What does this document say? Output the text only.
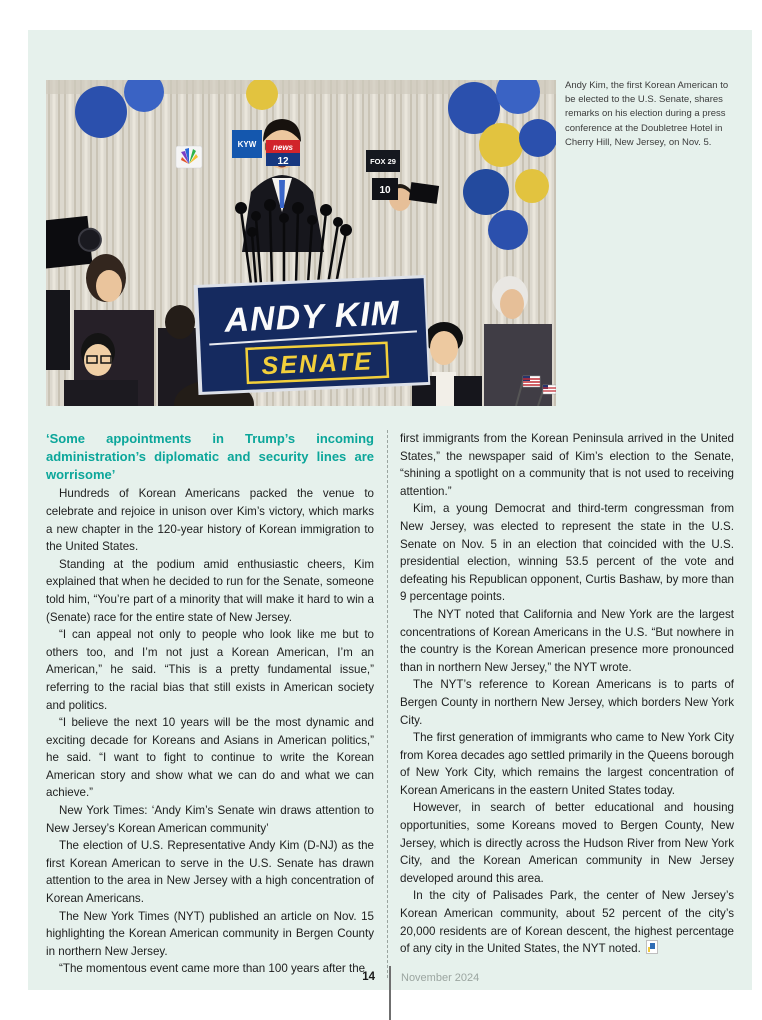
KYW news
12	FOX 29
10
ANDY KIM
SENATE
Andy Kim, the first Korean American to be elected to the U.S. Senate, shares remarks on his election during a press conference at the Doubletree Hotel in Cherry Hill, New Jersey, on Nov. 5.
‘Some appointments in Trump’s incoming administration’s diplomatic and security lines are worrisome’

Hundreds of Korean Americans packed the venue to celebrate and rejoice in unison over Kim’s victory, which marks a new chapter in the 120-year history of Korean immigration to the United States.

Standing at the podium amid enthusiastic cheers, Kim explained that when he decided to run for the Senate, someone told him, “You’re part of a minority that will make it hard to win a (Senate) race for the entire state of New Jersey.

“I can appeal not only to people who look like me but to others too, and I’m not just a Korean American, I’m an American,” he said. “This is a pretty fundamental issue,” referring to the racial bias that still exists in American society and politics.

“I believe the next 10 years will be the most dynamic and exciting decade for Koreans and Asians in American politics,” he said. “I want to fight to continue to write the Korean American story and show what we can do and what we can achieve.”

New York Times: ‘Andy Kim’s Senate win draws attention to New Jersey’s Korean American community’

The election of U.S. Representative Andy Kim (D-NJ) as the first Korean American to serve in the U.S. Senate has drawn attention to the area in New Jersey with a high concentration of Korean Americans.

The New York Times (NYT) published an article on Nov. 15 highlighting the Korean American community in Bergen County in northern New Jersey.

“The momentous event came more than 100 years after the

first immigrants from the Korean Peninsula arrived in the United States,” the newspaper said of Kim’s election to the Senate, “shining a spotlight on a community that is not used to receiving attention.”

Kim, a young Democrat and third-term congressman from New Jersey, was elected to represent the state in the U.S. Senate on Nov. 5 in an election that coincided with the U.S. presidential election, winning 53.5 percent of the vote and defeating his Republican opponent, Curtis Bashaw, by more than 9 percentage points.

The NYT noted that California and New York are the largest concentrations of Korean Americans in the U.S. “But nowhere in the country is the Korean American presence more pronounced than in northern New Jersey,” the NYT wrote.

The NYT’s reference to Korean Americans is to parts of Bergen County in northern New Jersey, which borders New York City.

The first generation of immigrants who came to New York City from Korea decades ago settled primarily in the Queens borough of New York City, which remains the largest concentration of Korean Americans in the eastern United States today.

However, in search of better educational and housing opportunities, some Koreans moved to Bergen County, New Jersey, which is directly across the Hudson River from New York City, and the Korean American community in New Jersey developed around this area.

In the city of Palisades Park, the center of New Jersey’s Korean American community, about 52 percent of the city’s 20,000 residents are of Korean descent, the highest percentage of any city in the United States, the NYT noted.

14 November 2024
